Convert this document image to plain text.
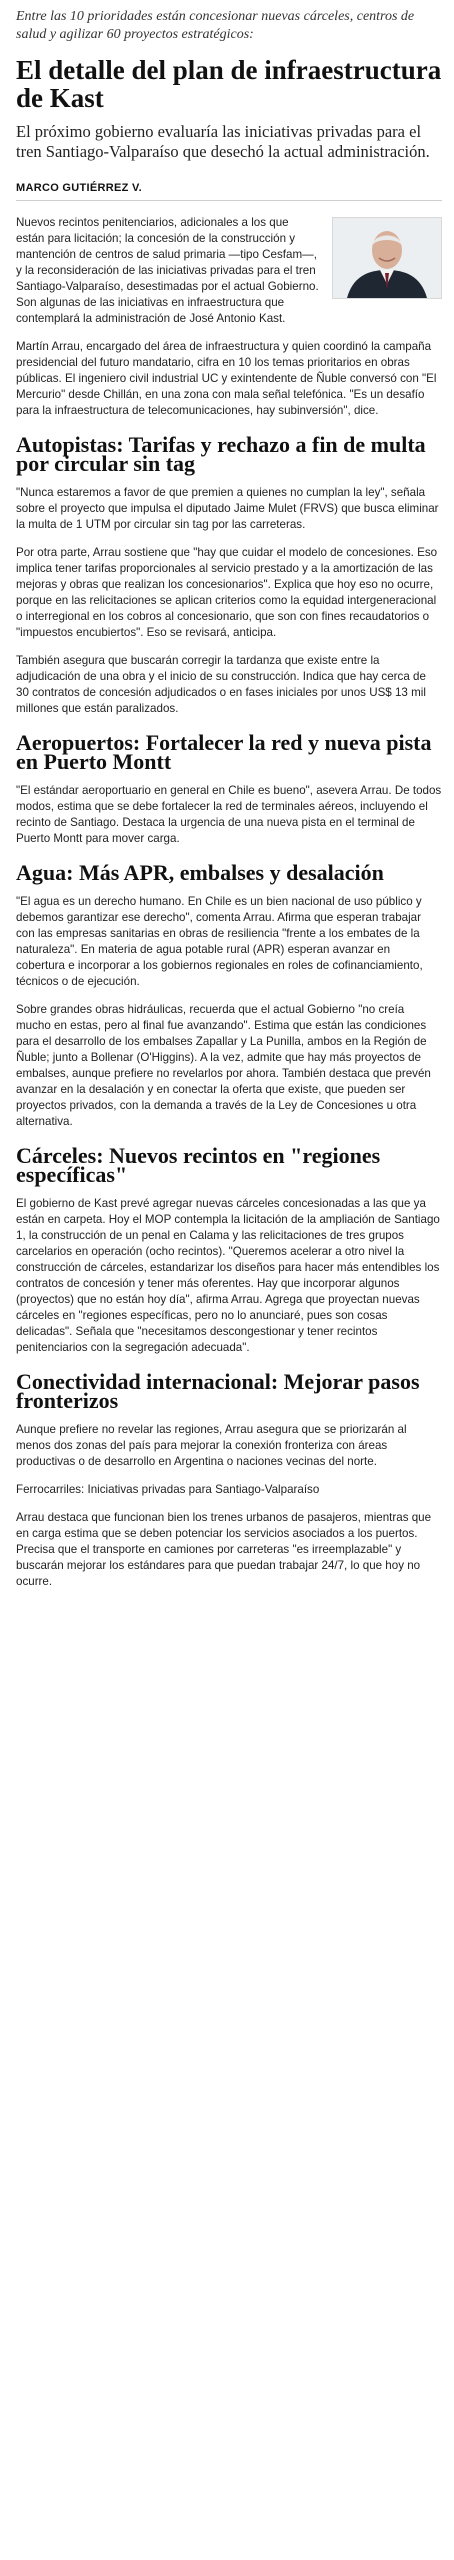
Entre las 10 prioridades están concesionar nuevas cárceles, centros de salud y agilizar 60 proyectos estratégicos:

El detalle del plan de infraestructura de Kast

El próximo gobierno evaluaría las iniciativas privadas para el tren Santiago-Valparaíso que desechó la actual administración.

MARCO GUTIÉRREZ V.

Nuevos recintos penitenciarios, adicionales a los que están para licitación; la concesión de la construcción y mantención de centros de salud primaria —tipo Cesfam—, y la reconsideración de las iniciativas privadas para el tren Santiago-Valparaíso, desestimadas por el actual Gobierno. Son algunas de las iniciativas en infraestructura que contemplará la administración de José Antonio Kast.

Martín Arrau, encargado del área de infraestructura y quien coordinó la campaña presidencial del futuro mandatario, cifra en 10 los temas prioritarios en obras públicas. El ingeniero civil industrial UC y exintendente de Ñuble conversó con "El Mercurio" desde Chillán, en una zona con mala señal telefónica. "Es un desafío para la infraestructura de telecomunicaciones, hay subinversión", dice.

Autopistas: Tarifas y rechazo a fin de multa por circular sin tag

"Nunca estaremos a favor de que premien a quienes no cumplan la ley", señala sobre el proyecto que impulsa el diputado Jaime Mulet (FRVS) que busca eliminar la multa de 1 UTM por circular sin tag por las carreteras.

Por otra parte, Arrau sostiene que "hay que cuidar el modelo de concesiones. Eso implica tener tarifas proporcionales al servicio prestado y a la amortización de las mejoras y obras que realizan los concesionarios". Explica que hoy eso no ocurre, porque en las relicitaciones se aplican criterios como la equidad intergeneracional o interregional en los cobros al concesionario, que son con fines recaudatorios o "impuestos encubiertos". Eso se revisará, anticipa.

También asegura que buscarán corregir la tardanza que existe entre la adjudicación de una obra y el inicio de su construcción. Indica que hay cerca de 30 contratos de concesión adjudicados o en fases iniciales por unos US$ 13 mil millones que están paralizados.

Aeropuertos: Fortalecer la red y nueva pista en Puerto Montt

"El estándar aeroportuario en general en Chile es bueno", asevera Arrau. De todos modos, estima que se debe fortalecer la red de terminales aéreos, incluyendo el recinto de Santiago. Destaca la urgencia de una nueva pista en el terminal de Puerto Montt para mover carga.

Agua: Más APR, embalses y desalación

"El agua es un derecho humano. En Chile es un bien nacional de uso público y debemos garantizar ese derecho", comenta Arrau. Afirma que esperan trabajar con las empresas sanitarias en obras de resiliencia "frente a los embates de la naturaleza". En materia de agua potable rural (APR) esperan avanzar en cobertura e incorporar a los gobiernos regionales en roles de cofinanciamiento, técnicos o de ejecución.

Sobre grandes obras hidráulicas, recuerda que el actual Gobierno "no creía mucho en estas, pero al final fue avanzando". Estima que están las condiciones para el desarrollo de los embalses Zapallar y La Punilla, ambos en la Región de Ñuble; junto a Bollenar (O'Higgins). A la vez, admite que hay más proyectos de embalses, aunque prefiere no revelarlos por ahora. También destaca que prevén avanzar en la desalación y en conectar la oferta que existe, que pueden ser proyectos privados, con la demanda a través de la Ley de Concesiones u otra alternativa.

Cárceles: Nuevos recintos en "regiones específicas"

El gobierno de Kast prevé agregar nuevas cárceles concesionadas a las que ya están en carpeta. Hoy el MOP contempla la licitación de la ampliación de Santiago 1, la construcción de un penal en Calama y las relicitaciones de tres grupos carcelarios en operación (ocho recintos). "Queremos acelerar a otro nivel la construcción de cárceles, estandarizar los diseños para hacer más entendibles los contratos de concesión y tener más oferentes. Hay que incorporar algunos (proyectos) que no están hoy día", afirma Arrau. Agrega que proyectan nuevas cárceles en "regiones específicas, pero no lo anunciaré, pues son cosas delicadas". Señala que "necesitamos descongestionar y tener recintos penitenciarios con la segregación adecuada".

Conectividad internacional: Mejorar pasos fronterizos

Aunque prefiere no revelar las regiones, Arrau asegura que se priorizarán al menos dos zonas del país para mejorar la conexión fronteriza con áreas productivas o de desarrollo en Argentina o naciones vecinas del norte.

Ferrocarriles: Iniciativas privadas para Santiago-Valparaíso

Arrau destaca que funcionan bien los trenes urbanos de pasajeros, mientras que en carga estima que se deben potenciar los servicios asociados a los puertos. Precisa que el transporte en camiones por carreteras "es irreemplazable" y buscarán mejorar los estándares para que puedan trabajar 24/7, lo que hoy no ocurre.
